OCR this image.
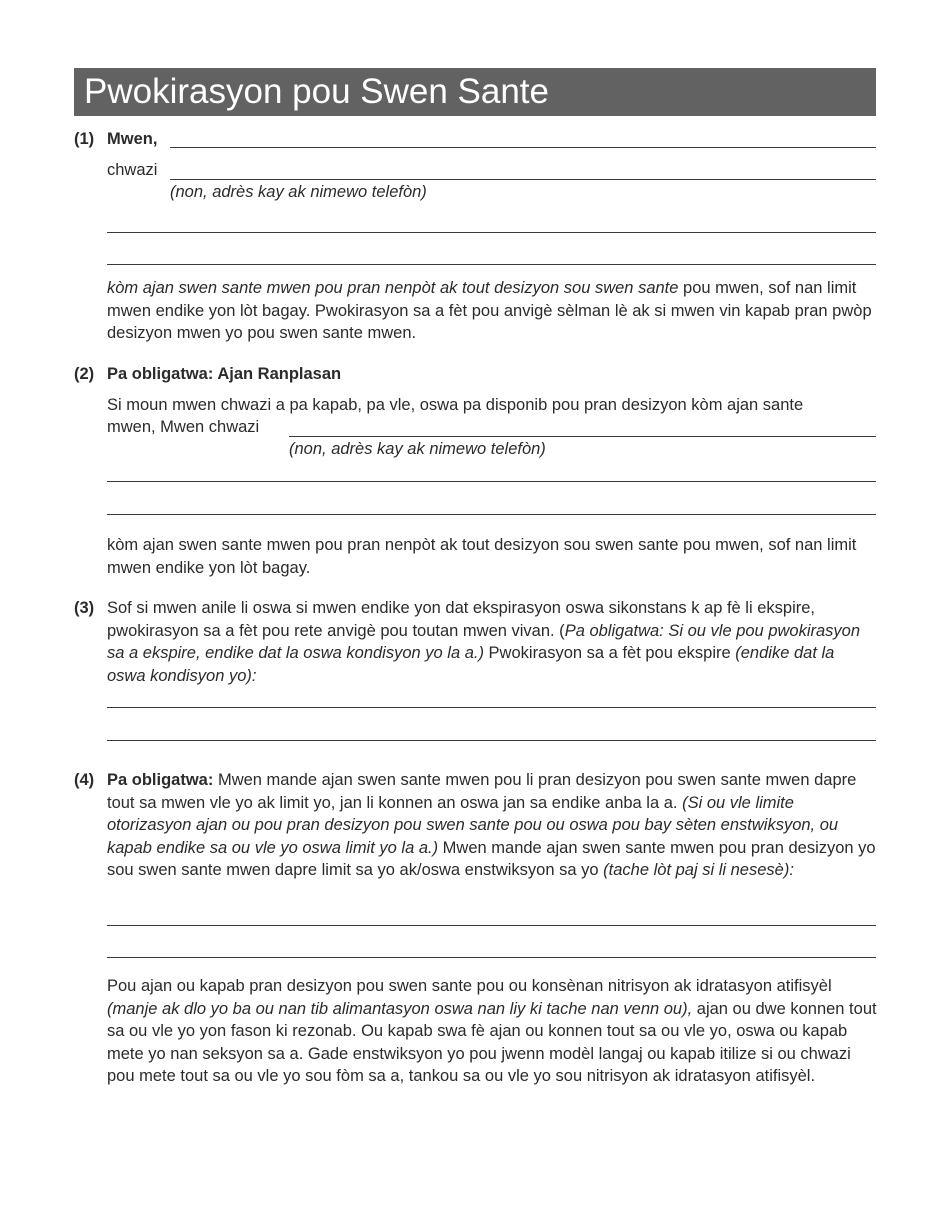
Pwokirasyon pou Swen Sante
(1) Mwen,
chwazi
(non, adrès kay ak nimewo telefòn)
kòm ajan swen sante mwen pou pran nenpòt ak tout desizyon sou swen sante pou mwen, sof nan limit mwen endike yon lòt bagay. Pwokirasyon sa a fèt pou anvigè sèlman lè ak si mwen vin kapab pran pwòp desizyon mwen yo pou swen sante mwen.
(2) Pa obligatwa: Ajan Ranplasan
Si moun mwen chwazi a pa kapab, pa vle, oswa pa disponib pou pran desizyon kòm ajan sante
mwen, Mwen chwazi
(non, adrès kay ak nimewo telefòn)
kòm ajan swen sante mwen pou pran nenpòt ak tout desizyon sou swen sante pou mwen, sof nan limit mwen endike yon lòt bagay.
(3) Sof si mwen anile li oswa si mwen endike yon dat ekspirasyon oswa sikonstans k ap fè li ekspire, pwokirasyon sa a fèt pou rete anvigè pou toutan mwen vivan. (Pa obligatwa: Si ou vle pou pwokirasyon sa a ekspire, endike dat la oswa kondisyon yo la a.) Pwokirasyon sa a fèt pou ekspire (endike dat la oswa kondisyon yo):
(4) Pa obligatwa: Mwen mande ajan swen sante mwen pou li pran desizyon pou swen sante mwen dapre tout sa mwen vle yo ak limit yo, jan li konnen an oswa jan sa endike anba la a. (Si ou vle limite otorizasyon ajan ou pou pran desizyon pou swen sante pou ou oswa pou bay sèten enstwiksyon, ou kapab endike sa ou vle yo oswa limit yo la a.) Mwen mande ajan swen sante mwen pou pran desizyon yo sou swen sante mwen dapre limit sa yo ak/oswa enstwiksyon sa yo (tache lòt paj si li nesesè):
Pou ajan ou kapab pran desizyon pou swen sante pou ou konsènan nitrisyon ak idratasyon atifisyèl (manje ak dlo yo ba ou nan tib alimantasyon oswa nan liy ki tache nan venn ou), ajan ou dwe konnen tout sa ou vle yo yon fason ki rezonab. Ou kapab swa fè ajan ou konnen tout sa ou vle yo, oswa ou kapab mete yo nan seksyon sa a. Gade enstwiksyon yo pou jwenn modèl langaj ou kapab itilize si ou chwazi pou mete tout sa ou vle yo sou fòm sa a, tankou sa ou vle yo sou nitrisyon ak idratasyon atifisyèl.
